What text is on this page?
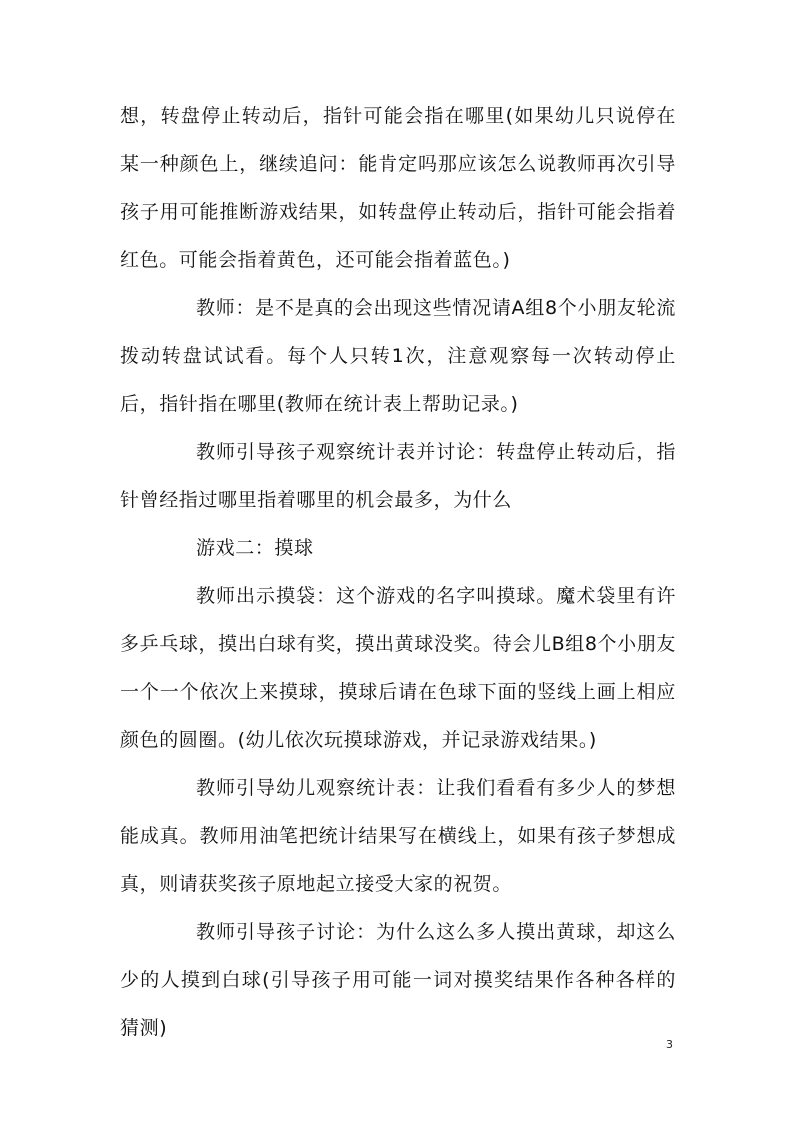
想，转盘停止转动后，指针可能会指在哪里(如果幼儿只说停在某一种颜色上，继续追问：能肯定吗那应该怎么说教师再次引导孩子用可能推断游戏结果，如转盘停止转动后，指针可能会指着红色。可能会指着黄色，还可能会指着蓝色。)

教师：是不是真的会出现这些情况请A组8个小朋友轮流拨动转盘试试看。每个人只转1次，注意观察每一次转动停止后，指针指在哪里(教师在统计表上帮助记录。)

教师引导孩子观察统计表并讨论：转盘停止转动后，指针曾经指过哪里指着哪里的机会最多，为什么

游戏二：摸球

教师出示摸袋：这个游戏的名字叫摸球。魔术袋里有许多乒乓球，摸出白球有奖，摸出黄球没奖。待会儿B组8个小朋友一个一个依次上来摸球，摸球后请在色球下面的竖线上画上相应颜色的圆圈。(幼儿依次玩摸球游戏，并记录游戏结果。)

教师引导幼儿观察统计表：让我们看看有多少人的梦想能成真。教师用油笔把统计结果写在横线上，如果有孩子梦想成真，则请获奖孩子原地起立接受大家的祝贺。

教师引导孩子讨论：为什么这么多人摸出黄球，却这么少的人摸到白球(引导孩子用可能一词对摸奖结果作各种各样的猜测)

3
